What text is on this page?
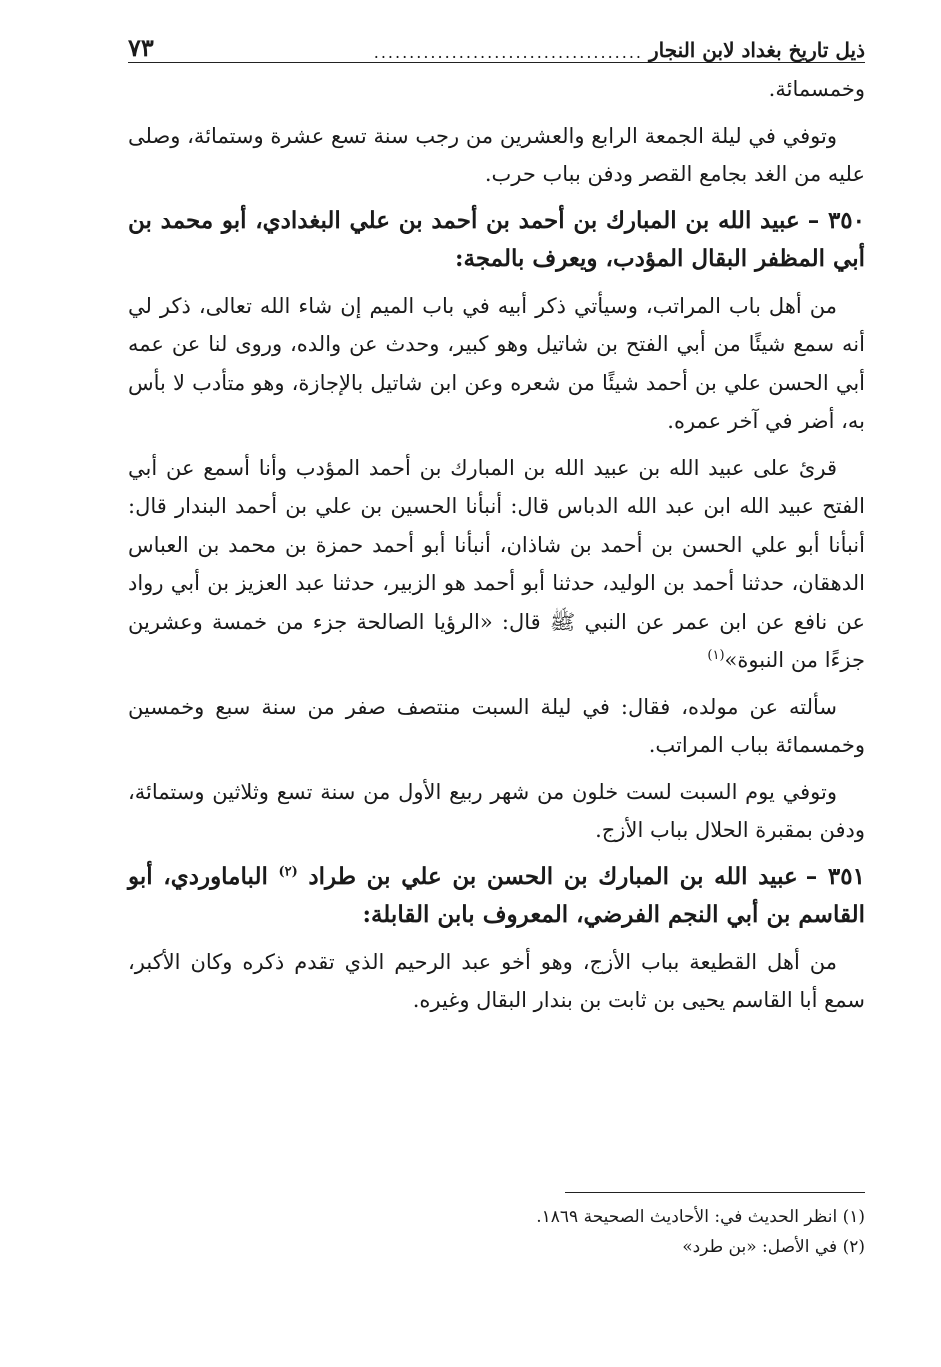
ذيل تاريخ بغداد لابن النجار
......................................
٧٣

وخمسمائة.

وتوفي في ليلة الجمعة الرابع والعشرين من رجب سنة تسع عشرة وستمائة، وصلى عليه من الغد بجامع القصر ودفن بباب حرب.

٣٥٠ –عبيد الله بن المبارك بن أحمد بن أحمد بن علي البغدادي، أبو محمد بن أبي المظفر البقال المؤدب، ويعرف بالمجة:

من أهل باب المراتب، وسيأتي ذكر أبيه في باب الميم إن شاء الله تعالى، ذكر لي أنه سمع شيئًا من أبي الفتح بن شاتيل وهو كبير، وحدث عن والده، وروى لنا عن عمه أبي الحسن علي بن أحمد شيئًا من شعره وعن ابن شاتيل بالإجازة، وهو متأدب لا بأس به، أضر في آخر عمره.

قرئ على عبيد الله بن عبيد الله بن المبارك بن أحمد المؤدب وأنا أسمع عن أبي الفتح عبيد الله ابن عبد الله الدباس قال: أنبأنا الحسين بن علي بن أحمد البندار قال: أنبأنا أبو علي الحسن بن أحمد بن شاذان، أنبأنا أبو أحمد حمزة بن محمد بن العباس الدهقان، حدثنا أحمد بن الوليد، حدثنا أبو أحمد هو الزبير، حدثنا عبد العزيز بن أبي رواد عن نافع عن ابن عمر عن النبي ﷺ قال: «الرؤيا الصالحة جزء من خمسة وعشرين جزءًا من النبوة»$^{(١)}$

سألته عن مولده، فقال: في ليلة السبت منتصف صفر من سنة سبع وخمسين وخمسمائة بباب المراتب.

وتوفي يوم السبت لست خلون من شهر ربيع الأول من سنة تسع وثلاثين وستمائة، ودفن بمقبرة الحلال بباب الأزج.

٣٥١ –عبيد الله بن المبارك بن الحسن بن علي بن طراد $^{(٢)}$ الباماوردي، أبو القاسم بن أبي النجم الفرضي، المعروف بابن القابلة:

من أهل القطيعة بباب الأزج، وهو أخو عبد الرحيم الذي تقدم ذكره وكان الأكبر، سمع أبا القاسم يحيى بن ثابت بن بندار البقال وغيره.

(١) انظر الحديث في: الأحاديث الصحيحة ١٨٦٩.
(٢) في الأصل: «بن طرد»
